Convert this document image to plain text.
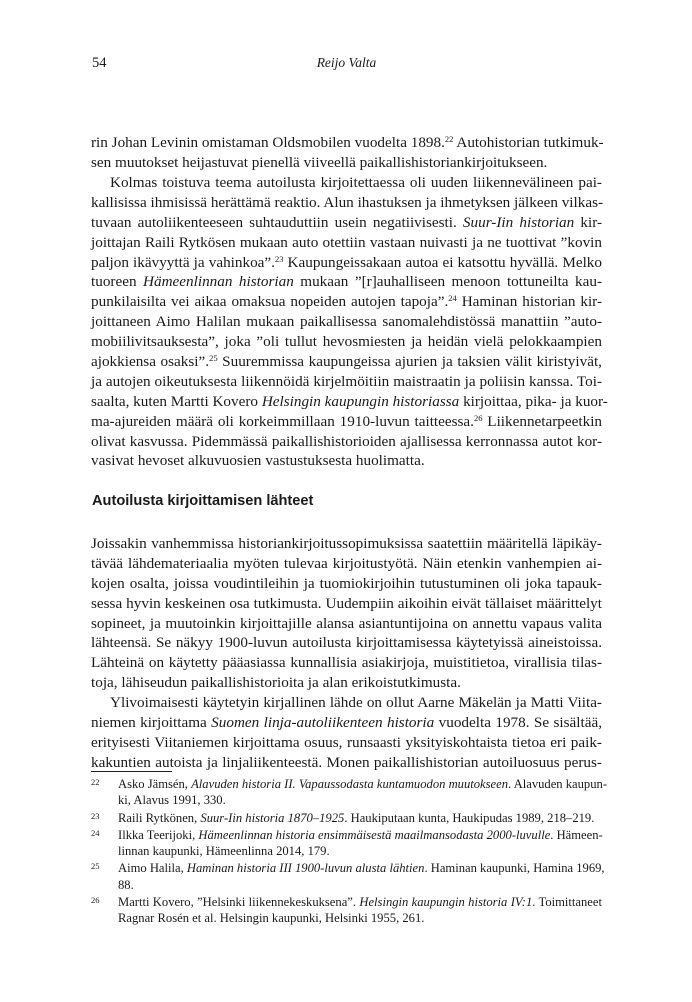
54	Reijo Valta
rin Johan Levinin omistaman Oldsmobilen vuodelta 1898.22 Autohistorian tutkimuk-
sen muutokset heijastuvat pienellä viiveellä paikallishistoriankirjoitukseen.
Kolmas toistuva teema autoilusta kirjoitettaessa oli uuden liikennevälineen pai-
kallisissa ihmisissä herättämä reaktio. Alun ihastuksen ja ihmetyksen jälkeen vilkas-
tuvaan autoliikenteeseen suhtauduttiin usein negatiivisesti. Suur-Iin historian kir-
joittajan Raili Rytkösen mukaan auto otettiin vastaan nuivasti ja ne tuottivat ”kovin
paljon ikävyyttä ja vahinkoa”.$^{23}$ Kaupungeissakaan autoa ei katsottu hyvällä. Melko
tuoreen Hämeenlinnan historian mukaan ”[r]auhalliseen menoon tottuneilta kau-
punkilaisilta vei aikaa omaksua nopeiden autojen tapoja”.$^{24}$ Haminan historian kir-
joittaneen Aimo Halilan mukaan paikallisessa sanomalehdistössä manattiin ”auto-
mobiilivitsauksesta”, joka ”oli tullut hevosmiesten ja heidän vielä pelokkaampien
ajokkiensa osaksi”.$^{25}$ Suuremmissa kaupungeissa ajurien ja taksien välit kiristyivät,
ja autojen oikeutuksesta liikennöidä kirjelmöitiin maistraatin ja poliisin kanssa. Toi-
saalta, kuten Martti Kovero Helsingin kaupungin historiassa kirjoittaa, pika- ja kuor-
ma-ajureiden määrä oli korkeimmillaan 1910-luvun taitteessa.$^{26}$ Liikennetarpeetkin
olivat kasvussa. Pidemmässä paikallishistorioiden ajallisessa kerronnassa autot kor-
vasivat hevoset alkuvuosien vastustuksesta huolimatta.
Autoilusta kirjoittamisen lähteet
Joissakin vanhemmissa historiankirjoitussopimuksissa saatettiin määritellä läpikäy-
tävää lähdemateriaalia myöten tulevaa kirjoitustyötä. Näin etenkin vanhempien ai-
kojen osalta, joissa voudintileihin ja tuomiokirjoihin tutustuminen oli joka tapauk-
sessa hyvin keskeinen osa tutkimusta. Uudempiin aikoihin eivät tällaiset määrittelyt
sopineet, ja muutoinkin kirjoittajille alansa asiantuntijoina on annettu vapaus valita
lähteensä. Se näkyy 1900-luvun autoilusta kirjoittamisessa käytetyissä aineistoissa.
Lähteinä on käytetty pääasiassa kunnallisia asiakirjoja, muistitietoa, virallisia tilas-
toja, lähiseudun paikallishistorioita ja alan erikoistutkimusta.
Ylivoimaisesti käytetyin kirjallinen lähde on ollut Aarne Mäkelän ja Matti Viita-
niemen kirjoittama Suomen linja-autoliikenteen historia vuodelta 1978. Se sisältää,
erityisesti Viitaniemen kirjoittama osuus, runsaasti yksityiskohtaista tietoa eri paik-
kakuntien autoista ja linjaliikenteestä. Monen paikallishistorian autoiluosuus perus-
22 Asko Jämsén, Alavuden historia II. Vapaussodasta kuntamuodon muutokseen. Alavuden kaupun-
ki, Alavus 1991, 330.
23 Raili Rytkönen, Suur-Iin historia 1870–1925. Haukiputaan kunta, Haukipudas 1989, 218–219.
24 Ilkka Teerijoki, Hämeenlinnan historia ensimmäisestä maailmansodasta 2000-luvulle. Hämeen-
linnan kaupunki, Hämeenlinna 2014, 179.
25 Aimo Halila, Haminan historia III 1900-luvun alusta lähtien. Haminan kaupunki, Hamina 1969,
88.
26 Martti Kovero, ”Helsinki liikennekeskuksena”. Helsingin kaupungin historia IV:1. Toimittaneet
Ragnar Rosén et al. Helsingin kaupunki, Helsinki 1955, 261.
